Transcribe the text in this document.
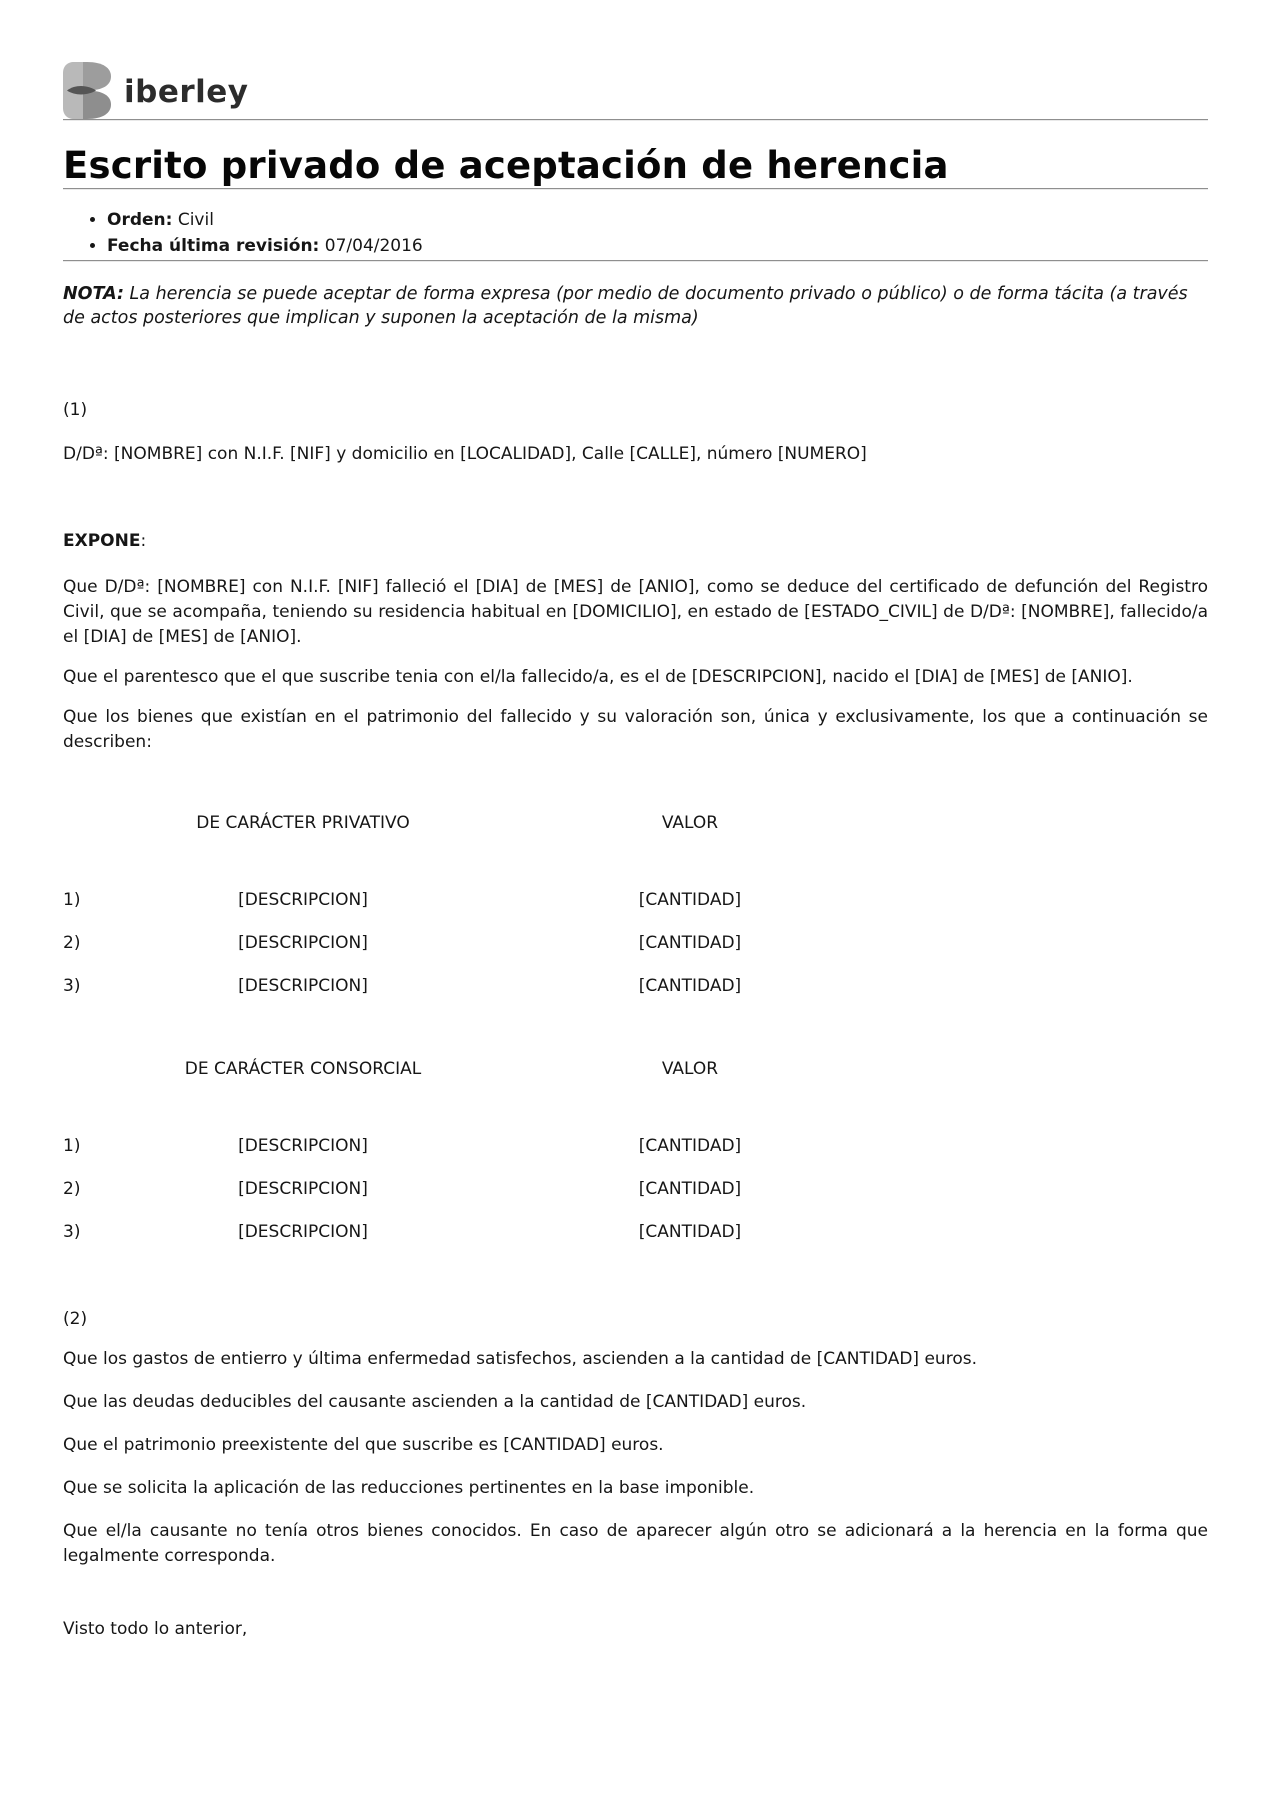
iberley
Escrito privado de aceptación de herencia
• Orden: Civil
• Fecha última revisión: 07/04/2016

NOTA: La herencia se puede aceptar de forma expresa (por medio de documento privado o público) o de forma tácita (a través de actos posteriores que implican y suponen la aceptación de la misma)

(1)

D/Dª: [NOMBRE] con N.I.F. [NIF] y domicilio en [LOCALIDAD], Calle [CALLE], número [NUMERO]

EXPONE:

Que D/Dª: [NOMBRE] con N.I.F. [NIF] falleció el [DIA] de [MES] de [ANIO], como se deduce del certificado de defunción del Registro Civil, que se acompaña, teniendo su residencia habitual en [DOMICILIO], en estado de [ESTADO_CIVIL] de D/Dª: [NOMBRE], fallecido/a el [DIA] de [MES] de [ANIO].

Que el parentesco que el que suscribe tenia con el/la fallecido/a, es el de [DESCRIPCION], nacido el [DIA] de [MES] de [ANIO].

Que los bienes que existían en el patrimonio del fallecido y su valoración son, única y exclusivamente, los que a continuación se describen:

DE CARÁCTER PRIVATIVO	VALOR
1)	[DESCRIPCION]	[CANTIDAD]
2)	[DESCRIPCION]	[CANTIDAD]
3)	[DESCRIPCION]	[CANTIDAD]
DE CARÁCTER CONSORCIAL	VALOR
1)	[DESCRIPCION]	[CANTIDAD]
2)	[DESCRIPCION]	[CANTIDAD]
3)	[DESCRIPCION]	[CANTIDAD]

(2)

Que los gastos de entierro y última enfermedad satisfechos, ascienden a la cantidad de [CANTIDAD] euros.

Que las deudas deducibles del causante ascienden a la cantidad de [CANTIDAD] euros.

Que el patrimonio preexistente del que suscribe es [CANTIDAD] euros.

Que se solicita la aplicación de las reducciones pertinentes en la base imponible.

Que el/la causante no tenía otros bienes conocidos. En caso de aparecer algún otro se adicionará a la herencia en la forma que legalmente corresponda.

Visto todo lo anterior,
